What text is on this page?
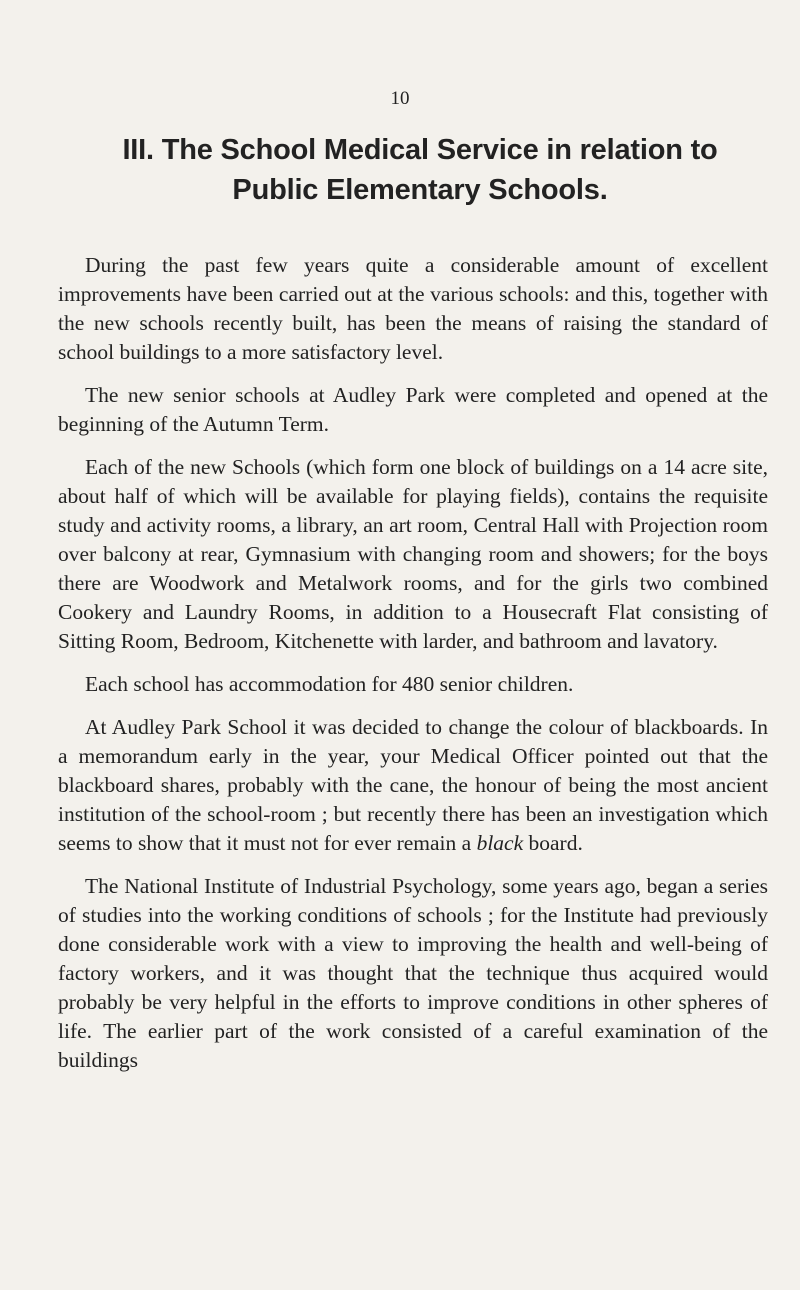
10
III. The School Medical Service in relation to
Public Elementary Schools.

During the past few years quite a considerable amount of excellent improvements have been carried out at the various schools: and this, together with the new schools recently built, has been the means of raising the standard of school buildings to a more satisfactory level.

The new senior schools at Audley Park were completed and opened at the beginning of the Autumn Term.

Each of the new Schools (which form one block of buildings on a 14 acre site, about half of which will be available for playing fields), contains the requisite study and activity rooms, a library, an art room, Central Hall with Projection room over balcony at rear, Gymnasium with changing room and showers; for the boys there are Woodwork and Metalwork rooms, and for the girls two combined Cookery and Laundry Rooms, in addition to a Housecraft Flat consisting of Sitting Room, Bedroom, Kitchenette with larder, and bathroom and lavatory.

Each school has accommodation for 480 senior children.

At Audley Park School it was decided to change the colour of blackboards. In a memorandum early in the year, your Medical Officer pointed out that the blackboard shares, probably with the cane, the honour of being the most ancient institution of the school-room ; but recently there has been an investigation which seems to show that it must not for ever remain a black board.

The National Institute of Industrial Psychology, some years ago, began a series of studies into the working conditions of schools ; for the Institute had previously done considerable work with a view to improving the health and well-being of factory workers, and it was thought that the technique thus acquired would probably be very helpful in the efforts to improve conditions in other spheres of life. The earlier part of the work consisted of a careful examination of the buildings
